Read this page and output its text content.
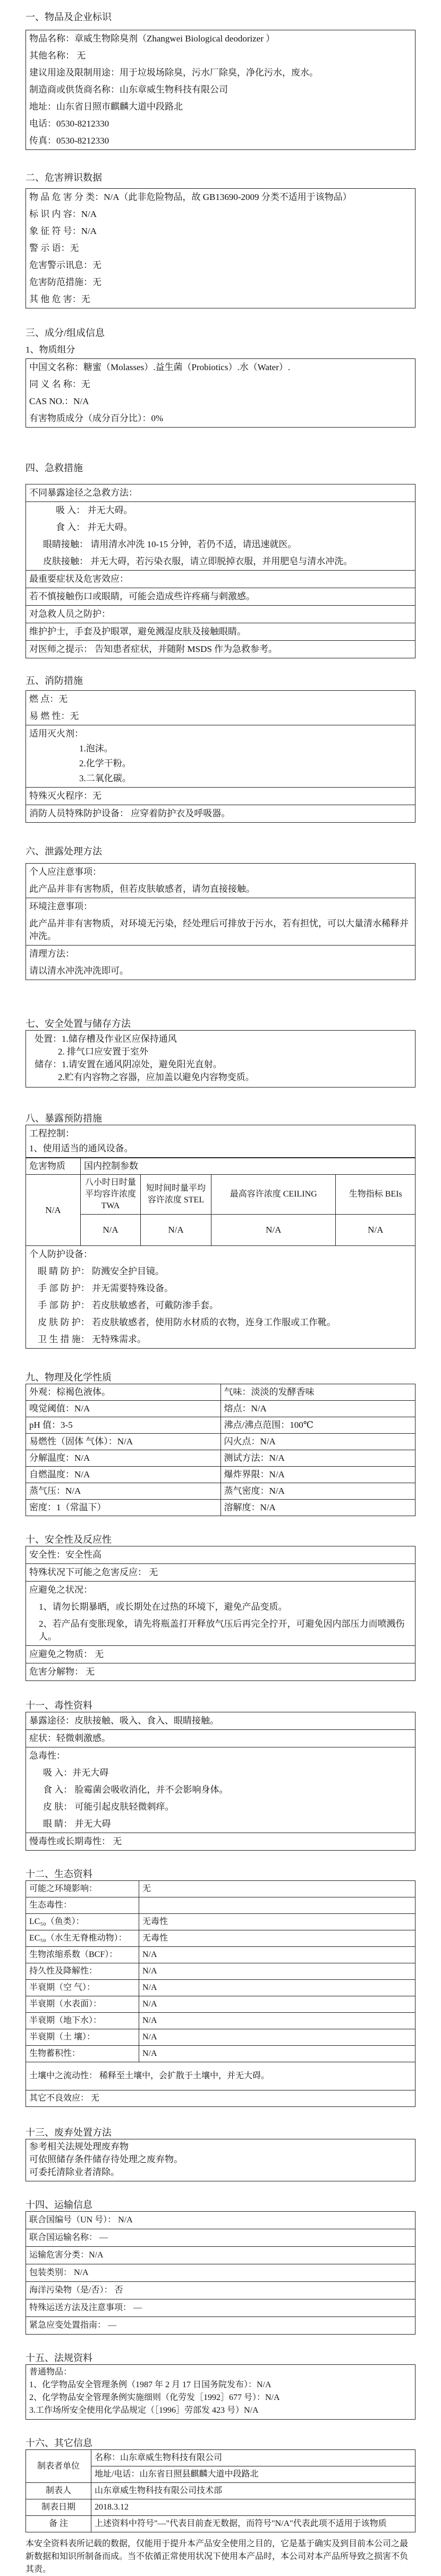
一、物品及企业标识

物品名称：章威生物除臭剂（Zhangwei Biological deodorizer ）
其他名称： 无
建议用途及限制用途：用于垃圾场除臭，污水厂除臭，净化污水，废水。
制造商或供货商名称：山东章威生物科技有限公司
地址：山东省日照市麒麟大道中段路北
电话：0530-8212330
传真：0530-8212330

二、危害辨识数据

物 品 危 害 分 类：N/A（此非危险物品，故 GB13690-2009 分类不适用于该物品）
标 识 内 容：N/A
象 征 符 号：N/A
警 示 语：无
危害警示讯息：无
危害防范措施：无
其 他 危 害：无

三、成分/组成信息

1、物质组分
中国文名称：糖蜜（Molasses）.益生菌（Probiotics）.水（Water）.
同 义 名 称：无
CAS NO.：N/A
有害物质成分（成分百分比）：0%

四、急救措施

不同暴露途径之急救方法：
吸 入： 并无大碍。
食 入： 并无大碍。
眼睛接触： 请用清水冲洗 10-15 分钟，若仍不适，请迅速就医。
皮肤接触： 并无大碍，若污染衣服，请立即脱掉衣服，并用肥皂与清水冲洗。
最重要症状及危害效应：
若不慎接触伤口或眼睛，可能会造成些许疼痛与刺激感。
对急救人员之防护：
维护护士，手套及护眼罩，避免溅湿皮肤及接触眼睛。
对医师之提示： 告知患者症状，并随附 MSDS 作为急救参考。

五、消防措施

燃 点：无
易 燃 性：无
适用灭火剂：
1.泡沫。
2.化学干粉。
3.二氧化碳。
特殊灭火程序：无
消防人员特殊防护设备： 应穿着防护衣及呼吸器。

六、泄露处理方法

个人应注意事项：
此产品并非有害物质，但若皮肤敏感者，请勿直接接触。
环境注意事项：
此产品并非有害物质，对环境无污染，经处理后可排放于污水，若有担忧，可以大量清水稀释并冲洗。
清理方法：
请以清水冲洗冲洗即可。

七、安全处置与储存方法

处置：1.储存槽及作业区应保持通风
2. 排气口应安置于室外
储存：1.请安置在通风阴凉处，避免阳光直射。
2.贮有内容物之容器，应加盖以避免内容物变质。

八、暴露预防措施

工程控制：
1、使用适当的通风设备。
危害物质	国内控制参数			
N/A	八小时日时量平均容许浓度 TWA	短时间时量平均容许浓度 STEL	最高容许浓度 CEILING	生物指标 BEIs
	N/A	N/A	N/A	N/A
个人防护设备：
眼 睛 防 护： 防溅安全护目镜。
手 部 防 护： 并无需要特殊设备。
手 部 防 护： 若皮肤敏感者，可戴防渗手套。
皮 肤 防 护： 若皮肤敏感者，使用防水材质的衣物，连身工作服或工作靴。
卫 生 措 施： 无特殊需求。

九、物理及化学性质

外观：棕褐色液体。	气味：淡淡的发酵香味
嗅觉阈值：N/A	熔点：N/A
pH 值：3-5	沸点/沸点范围：100℃
易燃性（固体 气体）：N/A	闪火点：N/A
分解温度：N/A	测试方法：N/A
自燃温度：N/A	爆炸界限：N/A
蒸气压：N/A	蒸气密度：N/A
密度：1（常温下）	溶解度：N/A

十、安全性及反应性

安全性：安全性高
特殊状况下可能之危害反应： 无
应避免之状况：
1、请勿长期暴晒，或长期处在过热的环境下，避免产品变质。
2、若产品有变胀现象，请先将瓶盖打开释放气压后再完全拧开，可避免因内部压力而喷溅伤人。
应避免之物质： 无
危害分解物： 无

十一、毒性资料

暴露途径：皮肤接触、吸入、食入、眼睛接触。
症状：轻微刺激感。
急毒性：
吸 入：并无大碍
食 入： 脸霉菌会吸收消化，并不会影响身体。
皮 肤： 可能引起皮肤轻微刺痒。
眼 睛： 并无大碍
慢毒性或长期毒性： 无

十二、生态资料

可能之环境影响：	无
生态毒性：	
LC₅₀（鱼类）：	无毒性
EC₅₀（水生无脊椎动物）：	无毒性
生物浓缩系数（BCF）：	N/A
持久性及降解性：	N/A
半衰期（空 气）：	N/A
半衰期（水表面）：	N/A
半衰期（地下水）：	N/A
半衰期（土 壤）：	N/A
生物蓄积性：	N/A
土壤中之流动性： 稀释至土壤中，会扩散于土壤中，并无大碍。	
其它不良效应： 无	

十三、废弃处置方法

参考相关法规处理废弃物
可依照储存条件储存待处理之废弃物。
可委托清除业者清除。

十四、运输信息

联合国编号（UN 号）： N/A
联合国运输名称： —
运输危害分类：N/A
包装类别： N/A
海洋污染物（是/否）： 否
特殊运送方法及注意事项： —
紧急应变处置指南： —

十五、法规资料

普通物品：
1、化学物品安全管理条例（1987 年 2 月 17 日国务院发布）：N/A
2、化学物品安全管理条例实施细则（化劳发［1992］677 号）：N/A
3.工作场所安全使用化学品规定（［1996］劳部发 423 号）N/A

十六、其它信息

制表者单位	名称：山东章威生物科技有限公司
	地址/电话：山东省日照县麒麟大道中段路北
制表人	山东章威生物科技有限公司技术部
制表日期	2018.3.12
备 注	上述资料中符号"—"代表目前查无数据，而符号"N/A"代表此项不适用于该物质
本安全资料表所记载的数据，仅能用于提升本产品安全使用之目的，它是基于确实及到目前本公司之最新数据和知识所制备而成。当不依循正常使用状况下使用本产品时，本公司对本产品所导致之损害不负其责。
